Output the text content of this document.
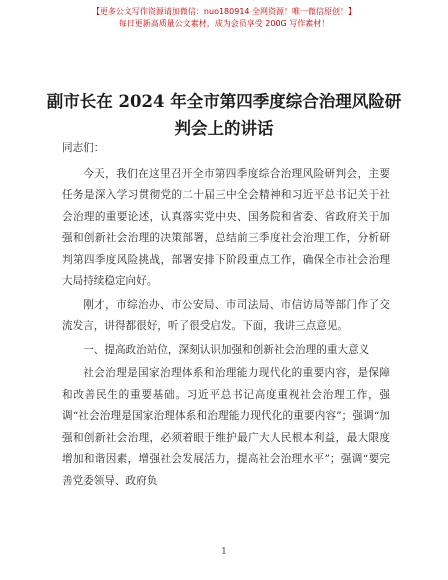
【更多公文写作资源请加微信：nuo180914 全网资源！唯一微信原创！】
每日更新高质量公文素材，成为会员享受 200G 写作素材！
副市长在 2024 年全市第四季度综合治理风险研判会上的讲话

同志们：

今天，我们在这里召开全市第四季度综合治理风险研判会，主要任务是深入学习贯彻党的二十届三中全会精神和习近平总书记关于社会治理的重要论述，认真落实党中央、国务院和省委、省政府关于加强和创新社会治理的决策部署，总结前三季度社会治理工作，分析研判第四季度风险挑战，部署安排下阶段重点工作，确保全市社会治理大局持续稳定向好。

刚才，市综治办、市公安局、市司法局、市信访局等部门作了交流发言，讲得都很好，听了很受启发。下面，我讲三点意见。

一、提高政治站位，深刻认识加强和创新社会治理的重大意义

社会治理是国家治理体系和治理能力现代化的重要内容，是保障和改善民生的重要基础。习近平总书记高度重视社会治理工作，强调“社会治理是国家治理体系和治理能力现代化的重要内容”；强调“加强和创新社会治理，必须着眼于维护最广大人民根本利益，最大限度增加和谐因素，增强社会发展活力，提高社会治理水平”；强调“要完善党委领导、政府负

1
